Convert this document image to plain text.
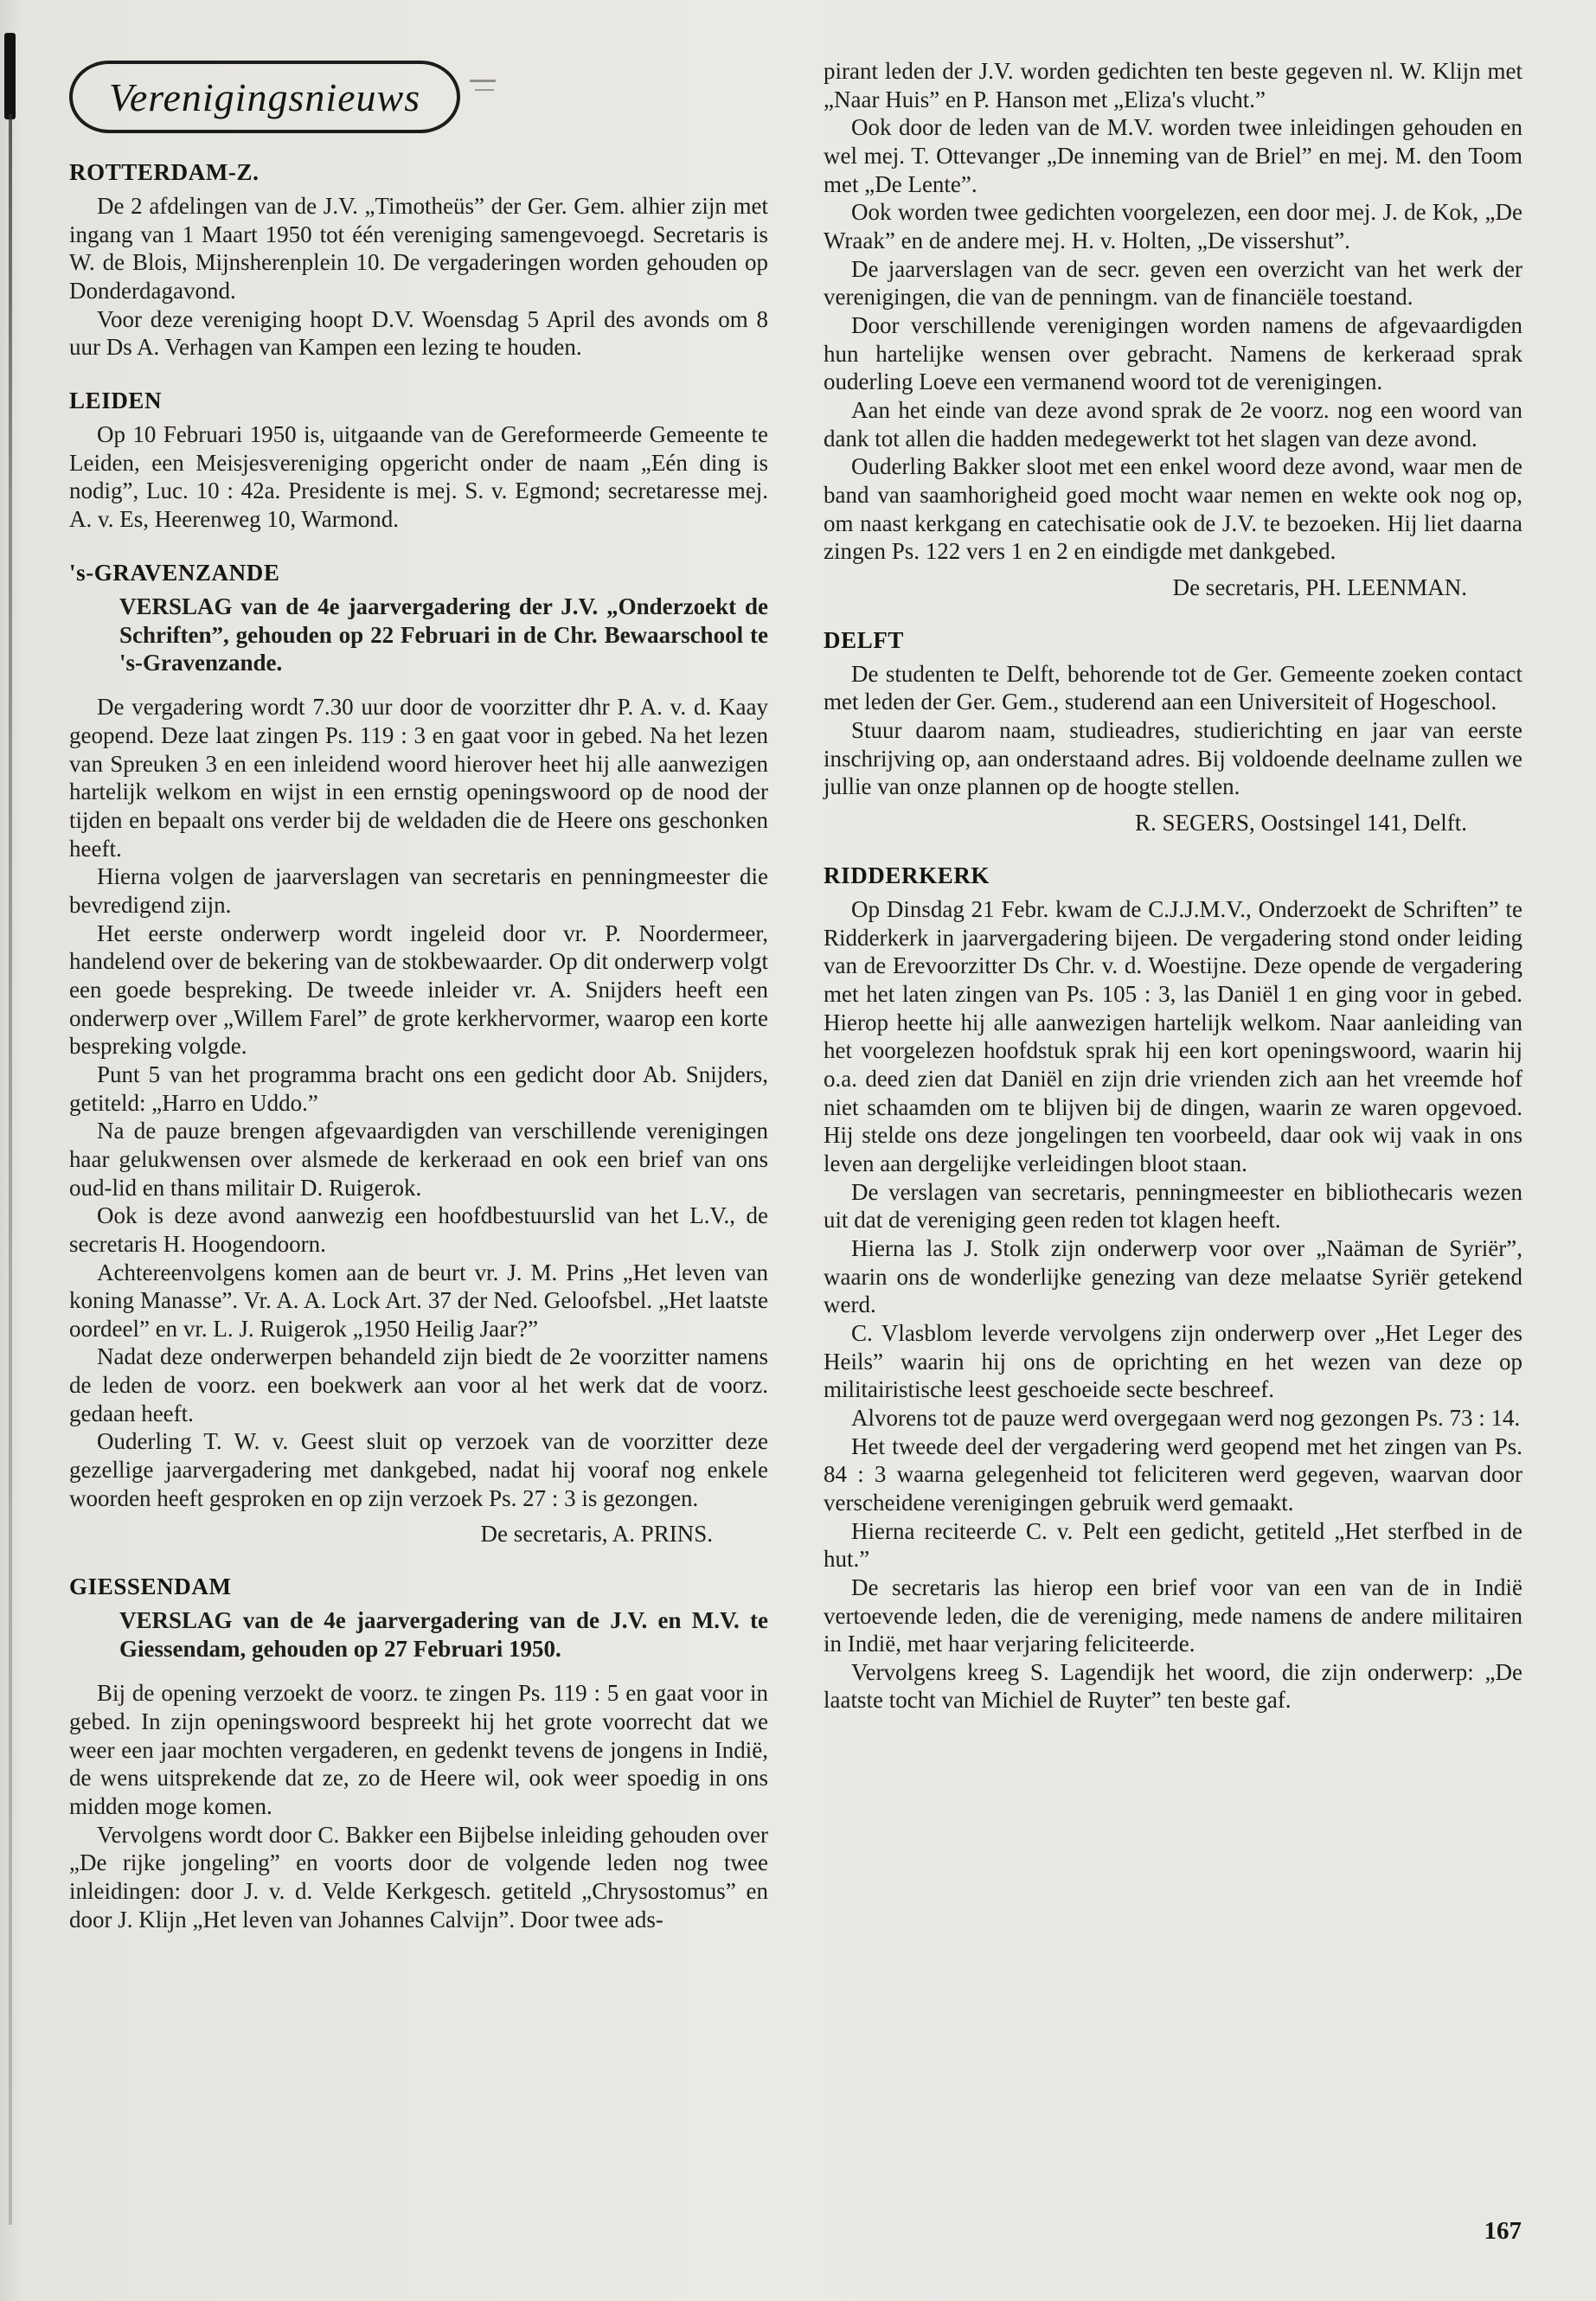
Verenigingsnieuws
ROTTERDAM-Z.

De 2 afdelingen van de J.V. „Timotheüs” der Ger. Gem. alhier zijn met ingang van 1 Maart 1950 tot één vereniging samengevoegd. Secretaris is W. de Blois, Mijnsherenplein 10. De vergaderingen worden gehouden op Donderdagavond.

Voor deze vereniging hoopt D.V. Woensdag 5 April des avonds om 8 uur Ds A. Verhagen van Kampen een lezing te houden.

LEIDEN

Op 10 Februari 1950 is, uitgaande van de Gereformeerde Gemeente te Leiden, een Meisjesvereniging opgericht onder de naam „Eén ding is nodig”, Luc. 10 : 42a. Presidente is mej. S. v. Egmond; secretaresse mej. A. v. Es, Heerenweg 10, Warmond.

's-GRAVENZANDE

VERSLAG van de 4e jaarvergadering der J.V. „Onderzoekt de Schriften”, gehouden op 22 Februari in de Chr. Bewaarschool te 's-Gravenzande.

De vergadering wordt 7.30 uur door de voorzitter dhr P. A. v. d. Kaay geopend. Deze laat zingen Ps. 119 : 3 en gaat voor in gebed. Na het lezen van Spreuken 3 en een inleidend woord hierover heet hij alle aanwezigen hartelijk welkom en wijst in een ernstig openingswoord op de nood der tijden en bepaalt ons verder bij de weldaden die de Heere ons geschonken heeft.

Hierna volgen de jaarverslagen van secretaris en penningmeester die bevredigend zijn.

Het eerste onderwerp wordt ingeleid door vr. P. Noordermeer, handelend over de bekering van de stokbewaarder. Op dit onderwerp volgt een goede bespreking. De tweede inleider vr. A. Snijders heeft een onderwerp over „Willem Farel” de grote kerkhervormer, waarop een korte bespreking volgde.

Punt 5 van het programma bracht ons een gedicht door Ab. Snijders, getiteld: „Harro en Uddo.”

Na de pauze brengen afgevaardigden van verschillende verenigingen haar gelukwensen over alsmede de kerkeraad en ook een brief van ons oud-lid en thans militair D. Ruigerok.

Ook is deze avond aanwezig een hoofdbestuurslid van het L.V., de secretaris H. Hoogendoorn.

Achtereenvolgens komen aan de beurt vr. J. M. Prins „Het leven van koning Manasse”. Vr. A. A. Lock Art. 37 der Ned. Geloofsbel. „Het laatste oordeel” en vr. L. J. Ruigerok „1950 Heilig Jaar?”

Nadat deze onderwerpen behandeld zijn biedt de 2e voorzitter namens de leden de voorz. een boekwerk aan voor al het werk dat de voorz. gedaan heeft.

Ouderling T. W. v. Geest sluit op verzoek van de voorzitter deze gezellige jaarvergadering met dankgebed, nadat hij vooraf nog enkele woorden heeft gesproken en op zijn verzoek Ps. 27 : 3 is gezongen.

De secretaris, A. PRINS.

GIESSENDAM

VERSLAG van de 4e jaarvergadering van de J.V. en M.V. te Giessendam, gehouden op 27 Februari 1950.

Bij de opening verzoekt de voorz. te zingen Ps. 119 : 5 en gaat voor in gebed. In zijn openingswoord bespreekt hij het grote voorrecht dat we weer een jaar mochten vergaderen, en gedenkt tevens de jongens in Indië, de wens uitsprekende dat ze, zo de Heere wil, ook weer spoedig in ons midden moge komen.

Vervolgens wordt door C. Bakker een Bijbelse inleiding gehouden over „De rijke jongeling” en voorts door de volgende leden nog twee inleidingen: door J. v. d. Velde Kerkgesch. getiteld „Chrysostomus” en door J. Klijn „Het leven van Johannes Calvijn”. Door twee ads-

pirant leden der J.V. worden gedichten ten beste gegeven nl. W. Klijn met „Naar Huis” en P. Hanson met „Eliza's vlucht.”

Ook door de leden van de M.V. worden twee inleidingen gehouden en wel mej. T. Ottevanger „De inneming van de Briel” en mej. M. den Toom met „De Lente”.

Ook worden twee gedichten voorgelezen, een door mej. J. de Kok, „De Wraak” en de andere mej. H. v. Holten, „De vissershut”.

De jaarverslagen van de secr. geven een overzicht van het werk der verenigingen, die van de penningm. van de financiële toestand.

Door verschillende verenigingen worden namens de afgevaardigden hun hartelijke wensen over gebracht. Namens de kerkeraad sprak ouderling Loeve een vermanend woord tot de verenigingen.

Aan het einde van deze avond sprak de 2e voorz. nog een woord van dank tot allen die hadden medegewerkt tot het slagen van deze avond.

Ouderling Bakker sloot met een enkel woord deze avond, waar men de band van saamhorigheid goed mocht waar nemen en wekte ook nog op, om naast kerkgang en catechisatie ook de J.V. te bezoeken. Hij liet daarna zingen Ps. 122 vers 1 en 2 en eindigde met dankgebed.

De secretaris, PH. LEENMAN.

DELFT

De studenten te Delft, behorende tot de Ger. Gemeente zoeken contact met leden der Ger. Gem., studerend aan een Universiteit of Hogeschool.

Stuur daarom naam, studieadres, studierichting en jaar van eerste inschrijving op, aan onderstaand adres. Bij voldoende deelname zullen we jullie van onze plannen op de hoogte stellen.

R. SEGERS, Oostsingel 141, Delft.

RIDDERKERK

Op Dinsdag 21 Febr. kwam de C.J.J.M.V., Onderzoekt de Schriften” te Ridderkerk in jaarvergadering bijeen. De vergadering stond onder leiding van de Erevoorzitter Ds Chr. v. d. Woestijne. Deze opende de vergadering met het laten zingen van Ps. 105 : 3, las Daniël 1 en ging voor in gebed. Hierop heette hij alle aanwezigen hartelijk welkom. Naar aanleiding van het voorgelezen hoofdstuk sprak hij een kort openingswoord, waarin hij o.a. deed zien dat Daniël en zijn drie vrienden zich aan het vreemde hof niet schaamden om te blijven bij de dingen, waarin ze waren opgevoed. Hij stelde ons deze jongelingen ten voorbeeld, daar ook wij vaak in ons leven aan dergelijke verleidingen bloot staan.

De verslagen van secretaris, penningmeester en bibliothecaris wezen uit dat de vereniging geen reden tot klagen heeft.

Hierna las J. Stolk zijn onderwerp voor over „Naäman de Syriër”, waarin ons de wonderlijke genezing van deze melaatse Syriër getekend werd.

C. Vlasblom leverde vervolgens zijn onderwerp over „Het Leger des Heils” waarin hij ons de oprichting en het wezen van deze op militairistische leest geschoeide secte beschreef.

Alvorens tot de pauze werd overgegaan werd nog gezongen Ps. 73 : 14.

Het tweede deel der vergadering werd geopend met het zingen van Ps. 84 : 3 waarna gelegenheid tot feliciteren werd gegeven, waarvan door verscheidene verenigingen gebruik werd gemaakt.

Hierna reciteerde C. v. Pelt een gedicht, getiteld „Het sterfbed in de hut.”

De secretaris las hierop een brief voor van een van de in Indië vertoevende leden, die de vereniging, mede namens de andere militairen in Indië, met haar verjaring feliciteerde.

Vervolgens kreeg S. Lagendijk het woord, die zijn onderwerp: „De laatste tocht van Michiel de Ruyter” ten beste gaf.

167
